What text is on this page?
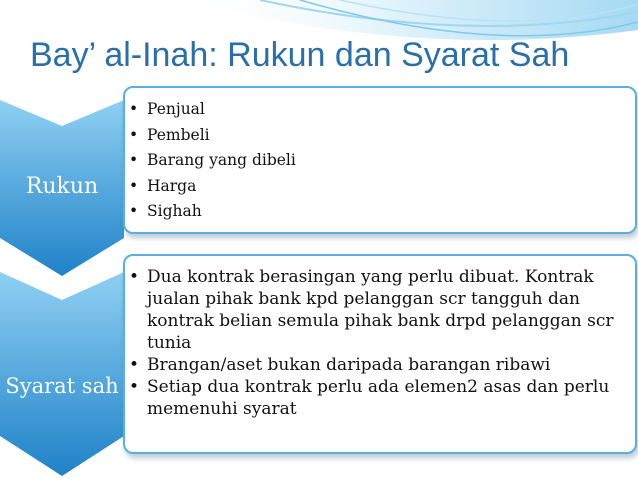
Bay’ al-Inah: Rukun dan Syarat Sah
Rukun
• Penjual
• Pembeli
• Barang yang dibeli
• Harga
• Sighah
Syarat sah
• Dua kontrak berasingan yang perlu dibuat. Kontrak jualan pihak bank kpd pelanggan scr tangguh dan kontrak belian semula pihak bank drpd pelanggan scr tunia
• Brangan/aset bukan daripada barangan ribawi
• Setiap dua kontrak perlu ada elemen2 asas dan perlu memenuhi syarat
